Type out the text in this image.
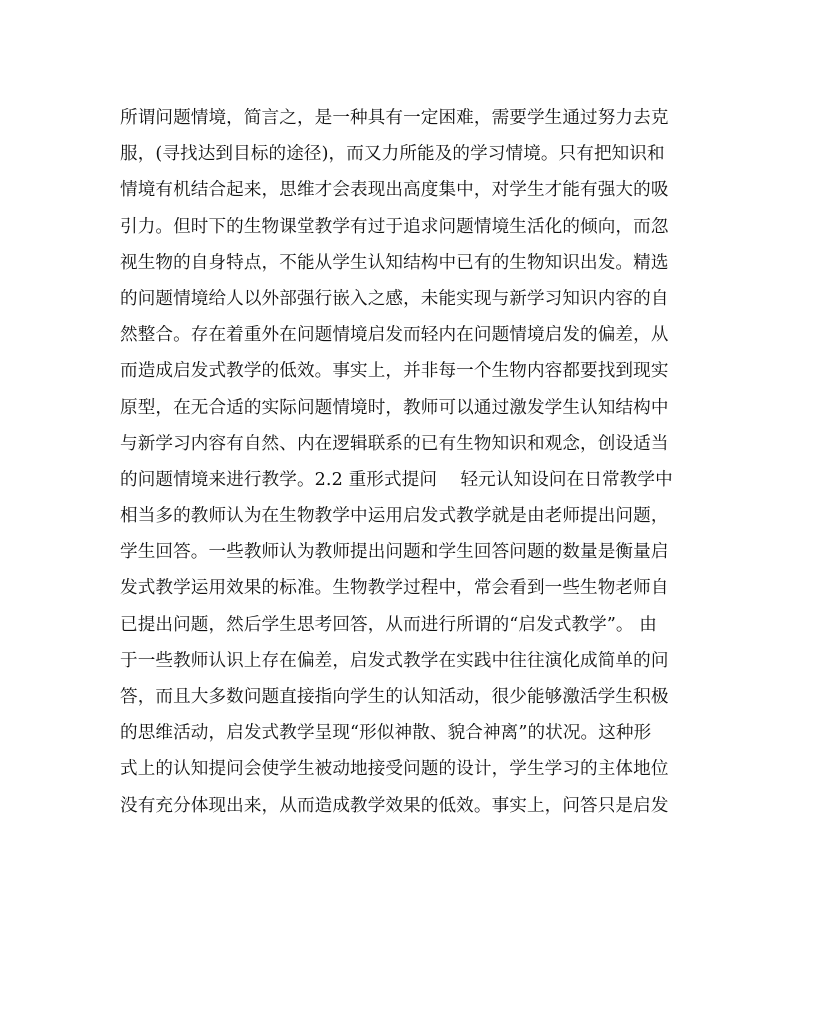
所谓问题情境，简言之，是一种具有一定困难，需要学生通过努力去克
服，(寻找达到目标的途径)，而又力所能及的学习情境。只有把知识和
情境有机结合起来，思维才会表现出高度集中，对学生才能有强大的吸
引力。但时下的生物课堂教学有过于追求问题情境生活化的倾向，而忽
视生物的自身特点，不能从学生认知结构中已有的生物知识出发。精选
的问题情境给人以外部强行嵌入之感，未能实现与新学习知识内容的自
然整合。存在着重外在问题情境启发而轻内在问题情境启发的偏差，从
而造成启发式教学的低效。事实上，并非每一个生物内容都要找到现实
原型，在无合适的实际问题情境时，教师可以通过激发学生认知结构中
与新学习内容有自然、内在逻辑联系的已有生物知识和观念，创设适当
的问题情境来进行教学。2.2 重形式提问　 轻元认知设问在日常教学中
相当多的教师认为在生物教学中运用启发式教学就是由老师提出问题，
学生回答。一些教师认为教师提出问题和学生回答问题的数量是衡量启
发式教学运用效果的标准。生物教学过程中，常会看到一些生物老师自
已提出问题，然后学生思考回答，从而进行所谓的“启发式教学”。 由
于一些教师认识上存在偏差，启发式教学在实践中往往演化成简单的问
答，而且大多数问题直接指向学生的认知活动，很少能够激活学生积极
的思维活动，启发式教学呈现“形似神散、貌合神离”的状况。这种形
式上的认知提问会使学生被动地接受问题的设计，学生学习的主体地位
没有充分体现出来，从而造成教学效果的低效。事实上，问答只是启发
